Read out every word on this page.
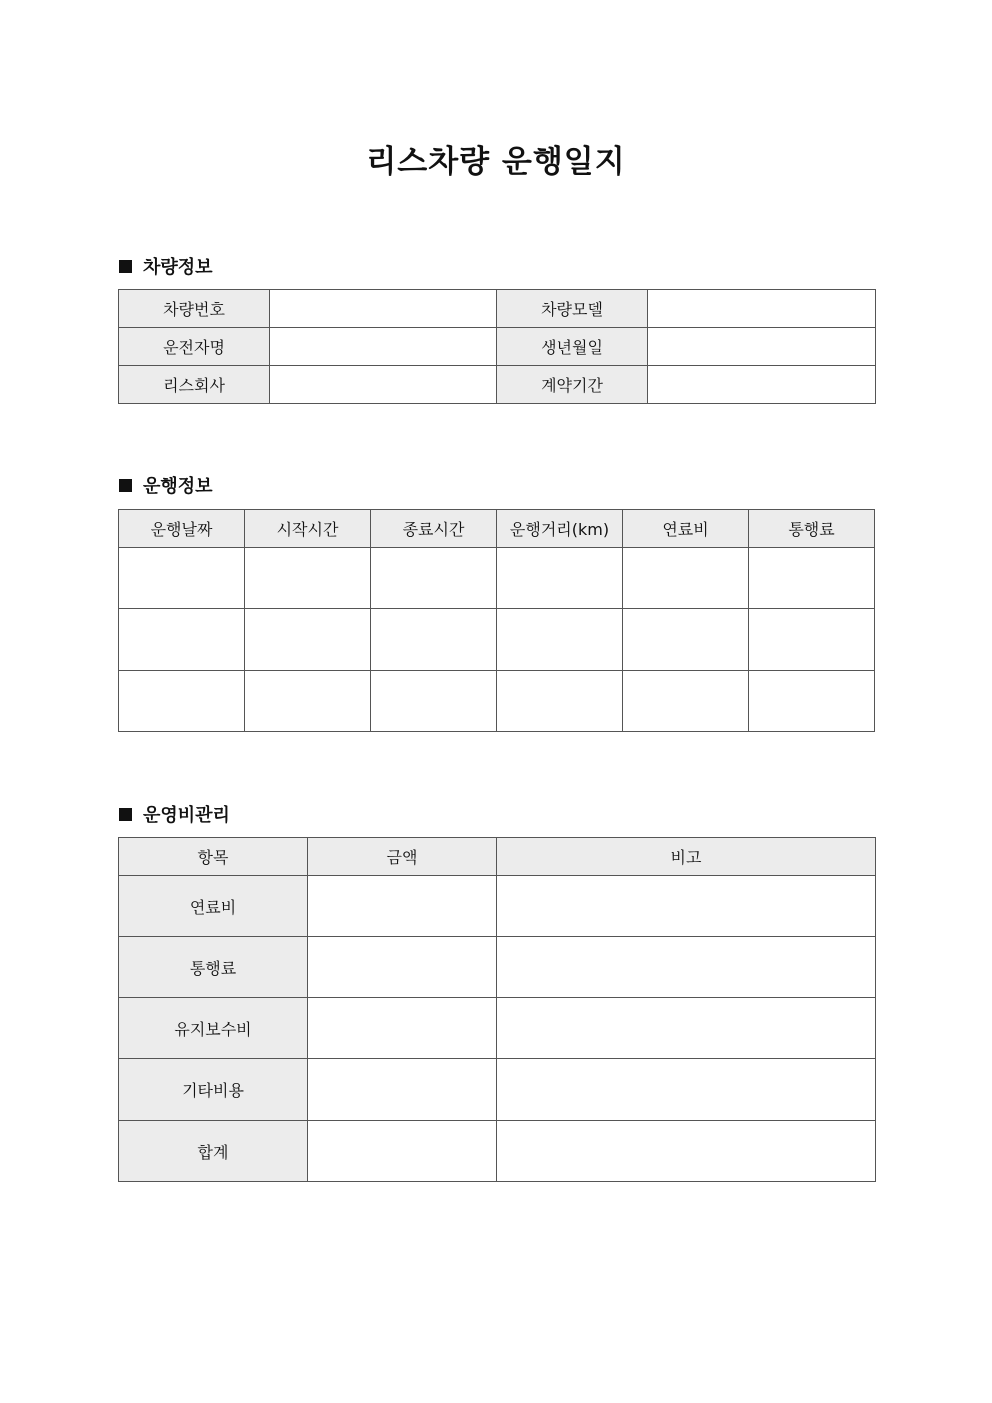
리스차량 운행일지
차량정보
차량번호		차량모델	
운전자명		생년월일	
리스회사		계약기간	
운행정보
운행날짜	시작시간	종료시간	운행거리(km)	연료비	통행료

운영비관리
항목	금액	비고
연료비		
통행료		
유지보수비		
기타비용		
합계		
